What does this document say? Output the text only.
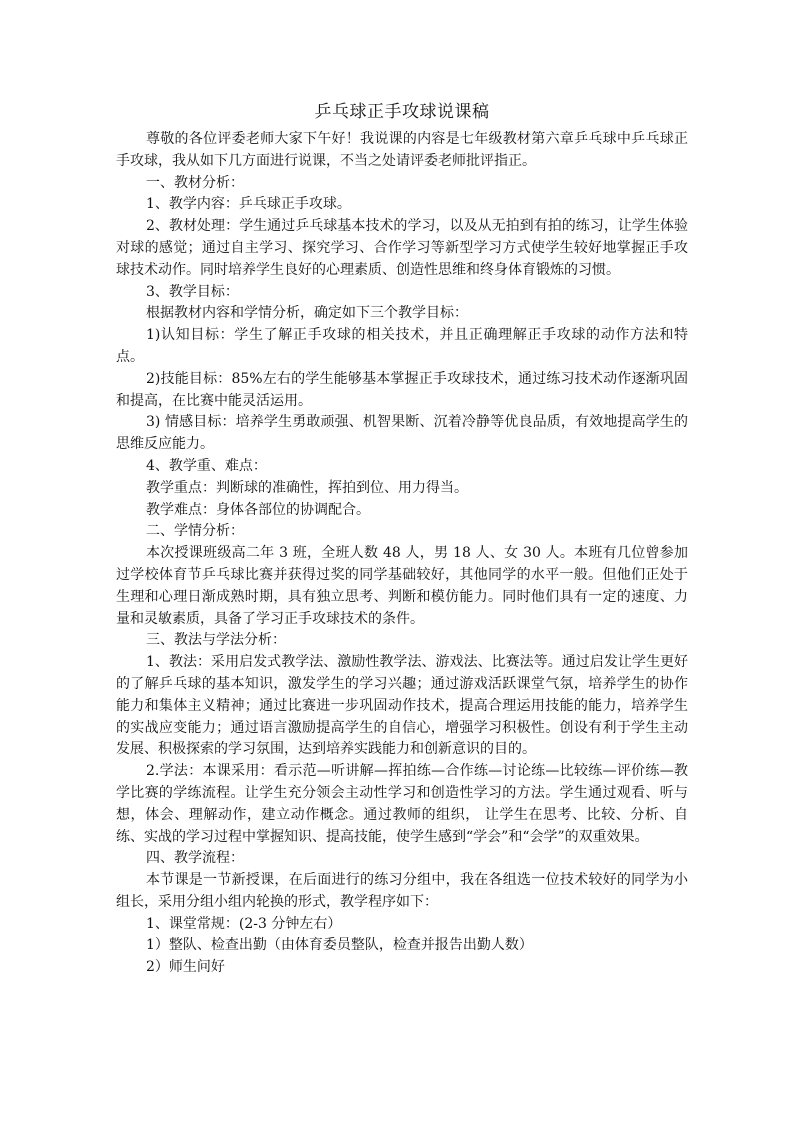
乒乓球正手攻球说课稿

尊敬的各位评委老师大家下午好！我说课的内容是七年级教材第六章乒乓球中乒乓球正手攻球，我从如下几方面进行说课，不当之处请评委老师批评指正。

一、教材分析：

1、教学内容：乒乓球正手攻球。

2、教材处理：学生通过乒乓球基本技术的学习，以及从无拍到有拍的练习，让学生体验对球的感觉；通过自主学习、探究学习、合作学习等新型学习方式使学生较好地掌握正手攻球技术动作。同时培养学生良好的心理素质、创造性思维和终身体育锻炼的习惯。

3、教学目标：

根据教材内容和学情分析，确定如下三个教学目标：

1)认知目标：学生了解正手攻球的相关技术，并且正确理解正手攻球的动作方法和特点。

2)技能目标：85%左右的学生能够基本掌握正手攻球技术，通过练习技术动作逐渐巩固和提高，在比赛中能灵活运用。

3) 情感目标：培养学生勇敢顽强、机智果断、沉着冷静等优良品质，有效地提高学生的思维反应能力。

4、教学重、难点：

教学重点：判断球的准确性，挥拍到位、用力得当。

教学难点：身体各部位的协调配合。

二、学情分析：

本次授课班级高二年 3 班，全班人数 48 人，男 18 人、女 30 人。本班有几位曾参加过学校体育节乒乓球比赛并获得过奖的同学基础较好，其他同学的水平一般。但他们正处于生理和心理日渐成熟时期，具有独立思考、判断和模仿能力。同时他们具有一定的速度、力量和灵敏素质，具备了学习正手攻球技术的条件。

三、教法与学法分析：

1、教法：采用启发式教学法、激励性教学法、游戏法、比赛法等。通过启发让学生更好的了解乒乓球的基本知识，激发学生的学习兴趣；通过游戏活跃课堂气氛，培养学生的协作能力和集体主义精神；通过比赛进一步巩固动作技术，提高合理运用技能的能力，培养学生的实战应变能力；通过语言激励提高学生的自信心，增强学习积极性。创设有利于学生主动发展、积极探索的学习氛围，达到培养实践能力和创新意识的目的。

2.学法：本课采用：看示范—听讲解—挥拍练—合作练—讨论练—比较练—评价练—教学比赛的学练流程。让学生充分领会主动性学习和创造性学习的方法。学生通过观看、听与想，体会、理解动作，建立动作概念。通过教师的组织， 让学生在思考、比较、分析、自练、实战的学习过程中掌握知识、提高技能，使学生感到“学会”和“会学”的双重效果。

四、教学流程：

本节课是一节新授课，在后面进行的练习分组中，我在各组选一位技术较好的同学为小组长，采用分组小组内轮换的形式，教学程序如下：

1、课堂常规：(2-3 分钟左右）

1）整队、检查出勤（由体育委员整队，检查并报告出勤人数）

2）师生问好
